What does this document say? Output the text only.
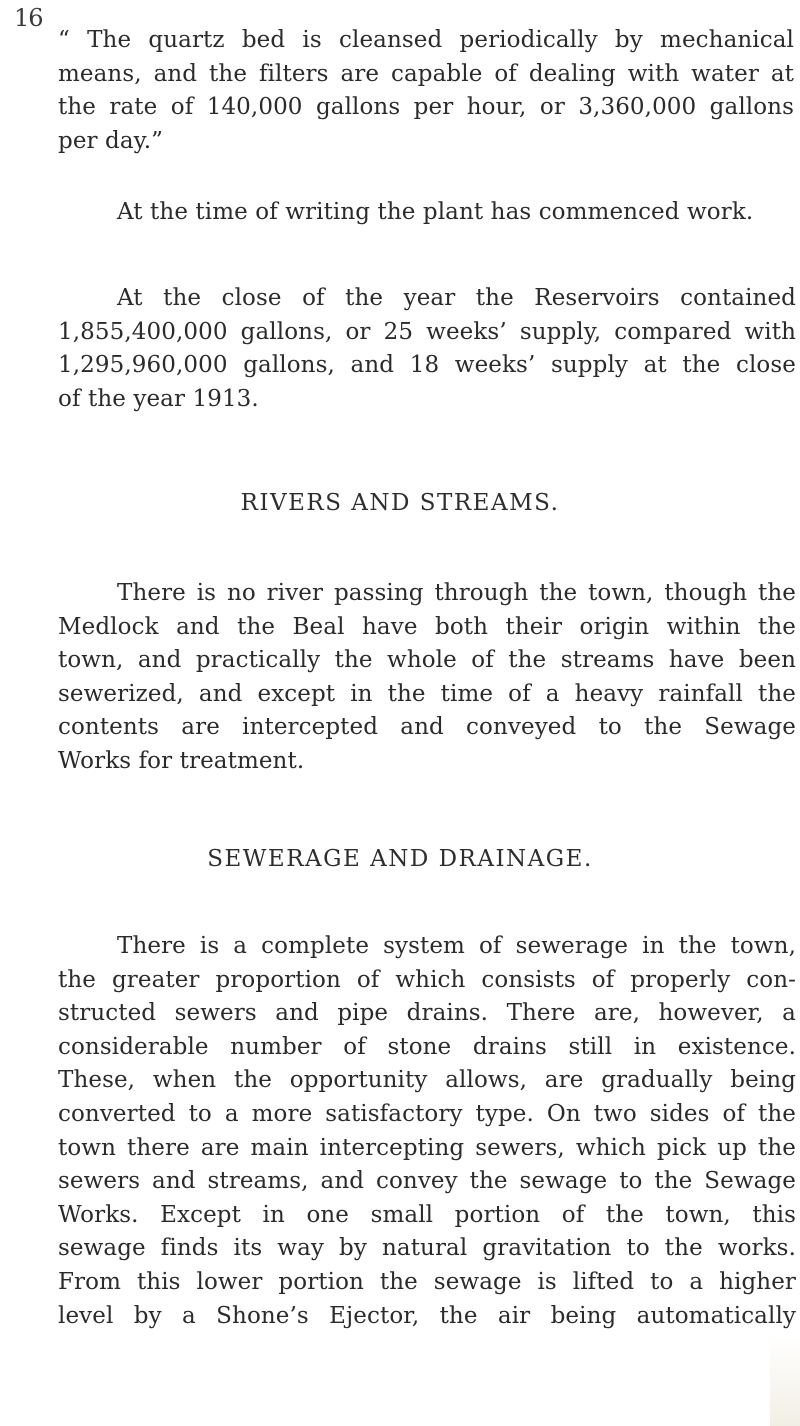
16
“ The quartz bed is cleansed periodically by mechanical
means, and the filters are capable of dealing with water at
the rate of 140,000 gallons per hour, or 3,360,000 gallons
per day.”
At the time of writing the plant has commenced work.
At the close of the year the Reservoirs contained
1,855,400,000 gallons, or 25 weeks’ supply, compared with
1,295,960,000 gallons, and 18 weeks’ supply at the close
of the year 1913.
RIVERS AND STREAMS.
There is no river passing through the town, though the
Medlock and the Beal have both their origin within the
town, and practically the whole of the streams have been
sewerized, and except in the time of a heavy rainfall the
contents are intercepted and conveyed to the Sewage
Works for treatment.
SEWERAGE AND DRAINAGE.
There is a complete system of sewerage in the town,
the greater proportion of which consists of properly con-
structed sewers and pipe drains. There are, however, a
considerable number of stone drains still in existence.
These, when the opportunity allows, are gradually being
converted to a more satisfactory type. On two sides of the
town there are main intercepting sewers, which pick up the
sewers and streams, and convey the sewage to the Sewage
Works. Except in one small portion of the town, this
sewage finds its way by natural gravitation to the works.
From this lower portion the sewage is lifted to a higher
level by a Shone’s Ejector, the air being automatically
